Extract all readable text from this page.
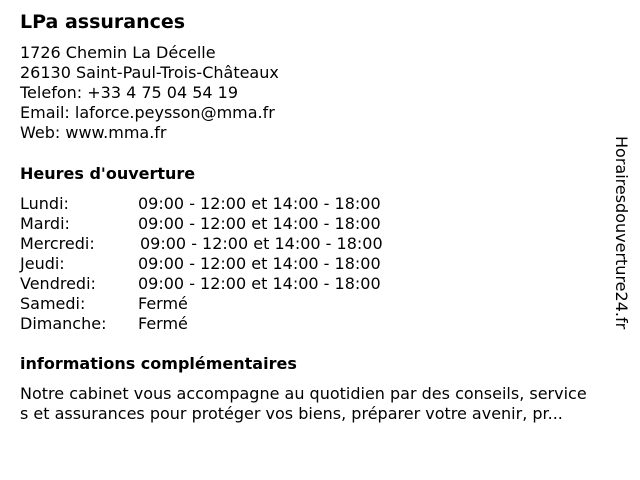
LPa assurances
1726 Chemin La Décelle
26130 Saint-Paul-Trois-Châteaux
Telefon: +33 4 75 04 54 19
Email: laforce.peysson@mma.fr
Web: www.mma.fr
Heures d'ouverture
Lundi:	09:00 - 12:00 et 14:00 - 18:00
Mardi:	09:00 - 12:00 et 14:00 - 18:00
Mercredi:	09:00 - 12:00 et 14:00 - 18:00
Jeudi:	09:00 - 12:00 et 14:00 - 18:00
Vendredi:	09:00 - 12:00 et 14:00 - 18:00
Samedi:	Fermé
Dimanche: Fermé
informations complémentaires
Notre cabinet vous accompagne au quotidien par des conseils, service
s et assurances pour protéger vos biens, préparer votre avenir, pr...
Horairesdouverture24.fr
